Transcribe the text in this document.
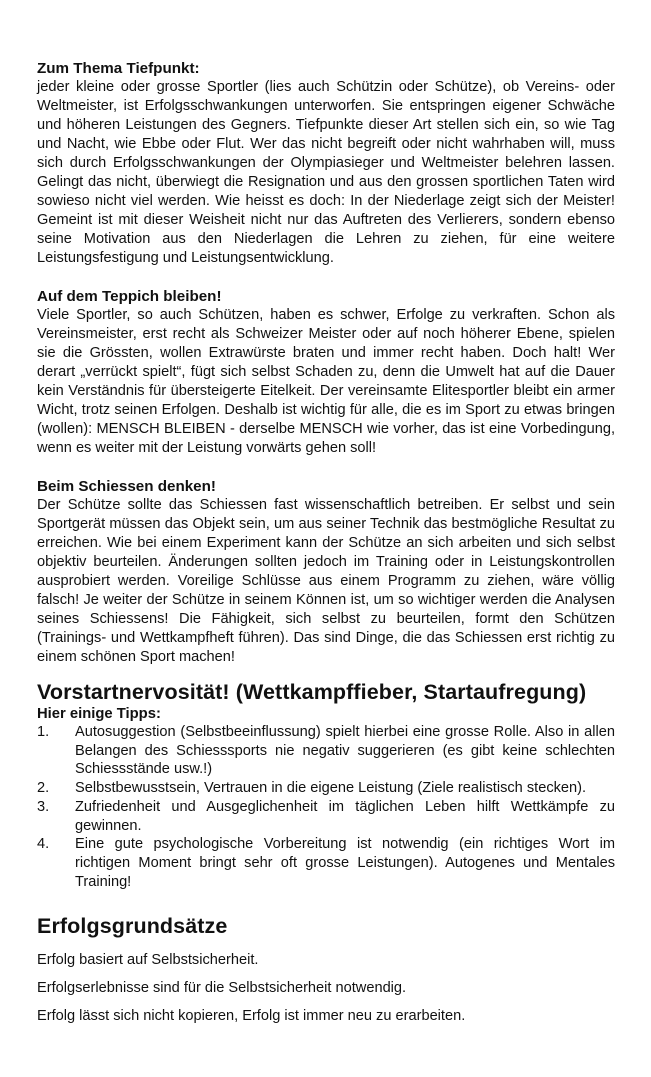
Zum Thema Tiefpunkt:

jeder kleine oder grosse Sportler (lies auch Schützin oder Schütze), ob Vereins- oder Weltmeister, ist Erfolgsschwankungen unterworfen. Sie entspringen eigener Schwäche und höheren Leistungen des Gegners. Tiefpunkte dieser Art stellen sich ein, so wie Tag und Nacht, wie Ebbe oder Flut. Wer das nicht begreift oder nicht wahrhaben will, muss sich durch Erfolgsschwankungen der Olympiasieger und Weltmeister belehren lassen. Gelingt das nicht, überwiegt die Resignation und aus den grossen sportlichen Taten wird sowieso nicht viel werden. Wie heisst es doch: In der Niederlage zeigt sich der Meister! Gemeint ist mit dieser Weisheit nicht nur das Auftreten des Verlierers, sondern ebenso seine Motivation aus den Niederlagen die Lehren zu ziehen, für eine weitere Leistungsfestigung und Leistungsentwicklung.

Auf dem Teppich bleiben!

Viele Sportler, so auch Schützen, haben es schwer, Erfolge zu verkraften. Schon als Vereinsmeister, erst recht als Schweizer Meister oder auf noch höherer Ebene, spielen sie die Grössten, wollen Extrawürste braten und immer recht haben. Doch halt! Wer derart „verrückt spielt“, fügt sich selbst Schaden zu, denn die Umwelt hat auf die Dauer kein Verständnis für übersteigerte Eitelkeit. Der vereinsamte Elitesportler bleibt ein armer Wicht, trotz seinen Erfolgen. Deshalb ist wichtig für alle, die es im Sport zu etwas bringen (wollen): MENSCH BLEIBEN - derselbe MENSCH wie vorher, das ist eine Vorbedingung, wenn es weiter mit der Leistung vorwärts gehen soll!

Beim Schiessen denken!

Der Schütze sollte das Schiessen fast wissenschaftlich betreiben. Er selbst und sein Sportgerät müssen das Objekt sein, um aus seiner Technik das bestmögliche Resultat zu erreichen. Wie bei einem Experiment kann der Schütze an sich arbeiten und sich selbst objektiv beurteilen. Änderungen sollten jedoch im Training oder in Leistungskontrollen ausprobiert werden. Voreilige Schlüsse aus einem Programm zu ziehen, wäre völlig falsch! Je weiter der Schütze in seinem Können ist, um so wichtiger werden die Analysen seines Schiessens! Die Fähigkeit, sich selbst zu beurteilen, formt den Schützen (Trainings- und Wettkampfheft führen). Das sind Dinge, die das Schiessen erst richtig zu einem schönen Sport machen!

Vorstartnervosität! (Wettkampffieber, Startaufregung)

Hier einige Tipps:

1.	Autosuggestion (Selbstbeeinflussung) spielt hierbei eine grosse Rolle. Also in allen Belangen des Schiesssports nie negativ suggerieren (es gibt keine schlechten Schiessstände usw.!)
2.	Selbstbewusstsein, Vertrauen in die eigene Leistung (Ziele realistisch stecken).
3.	Zufriedenheit und Ausgeglichenheit im täglichen Leben hilft Wettkämpfe zu gewinnen.
4.	Eine gute psychologische Vorbereitung ist notwendig (ein richtiges Wort im richtigen Moment bringt sehr oft grosse Leistungen). Autogenes und Mentales Training!
Erfolgsgrundsätze

Erfolg basiert auf Selbstsicherheit.

Erfolgserlebnisse sind für die Selbstsicherheit notwendig.

Erfolg lässt sich nicht kopieren, Erfolg ist immer neu zu erarbeiten.
